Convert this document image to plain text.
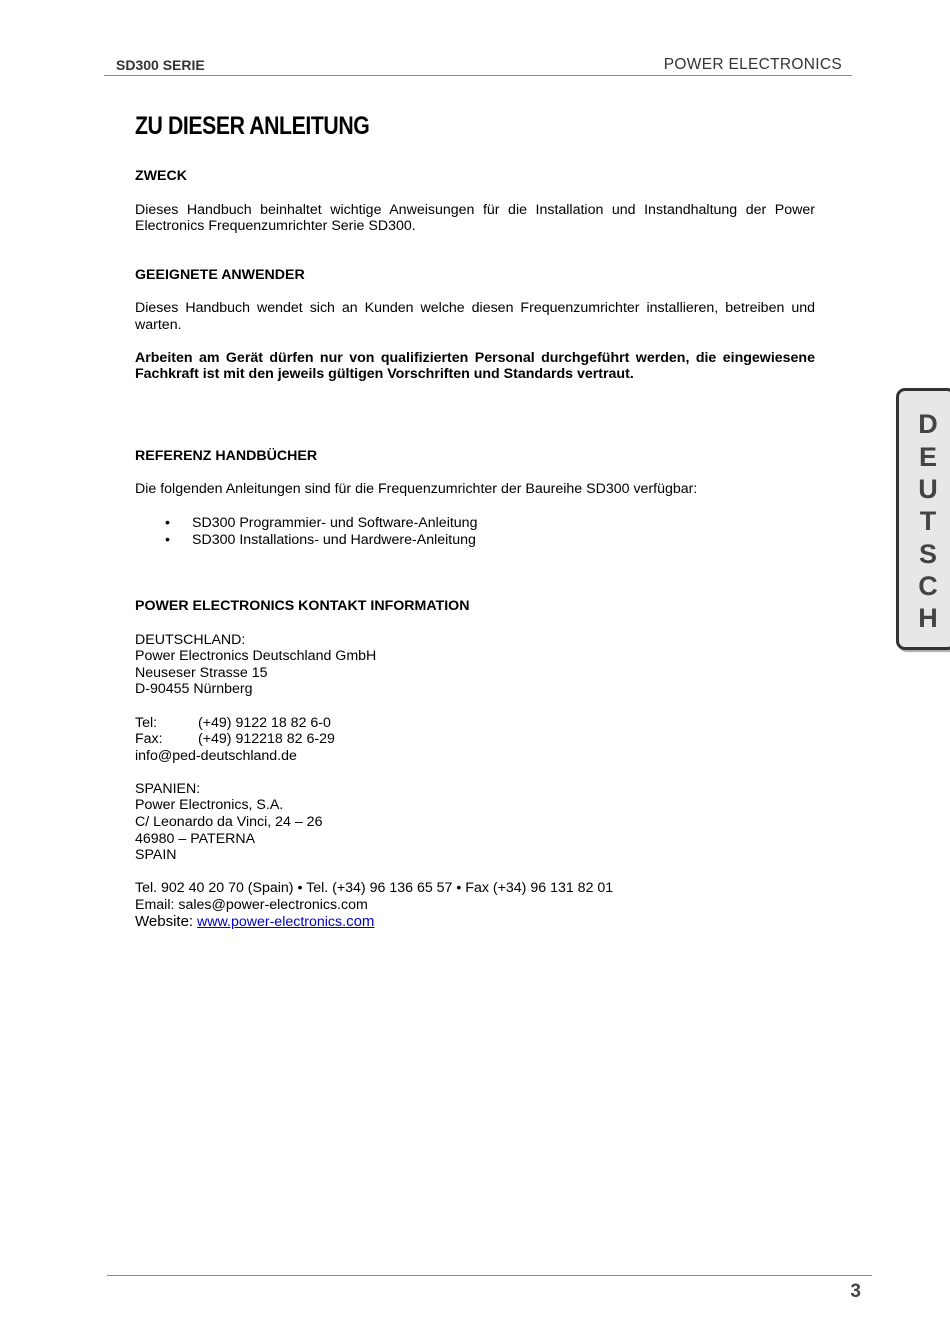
SD300 SERIE	POWER ELECTRONICS
ZU DIESER ANLEITUNG

ZWECK

Dieses Handbuch beinhaltet wichtige Anweisungen für die Installation und Instandhaltung der Power Electronics Frequenzumrichter Serie SD300.

GEEIGNETE ANWENDER

Dieses Handbuch wendet sich an Kunden welche diesen Frequenzumrichter installieren, betreiben und warten.

Arbeiten am Gerät dürfen nur von qualifizierten Personal durchgeführt werden, die eingewiesene Fachkraft ist mit den jeweils gültigen Vorschriften und Standards vertraut.

REFERENZ HANDBÜCHER

Die folgenden Anleitungen sind für die Frequenzumrichter der Baureihe SD300 verfügbar:

• SD300 Programmier- und Software-Anleitung
• SD300 Installations- und Hardwere-Anleitung

POWER ELECTRONICS KONTAKT INFORMATION

DEUTSCHLAND:
Power Electronics Deutschland GmbH
Neuseser Strasse 15
D-90455 Nürnberg
Tel:	(+49) 9122 18 82 6-0
Fax: (+49) 912218 82 6-29
info@ped-deutschland.de
SPANIEN:
Power Electronics, S.A.
C/ Leonardo da Vinci, 24 – 26
46980 – PATERNA
SPAIN
Tel. 902 40 20 70 (Spain) • Tel. (+34) 96 136 65 57 • Fax (+34) 96 131 82 01
Email: sales@power-electronics.com
Website: www.power-electronics.com
D
E
U
T
S
C
H
3
